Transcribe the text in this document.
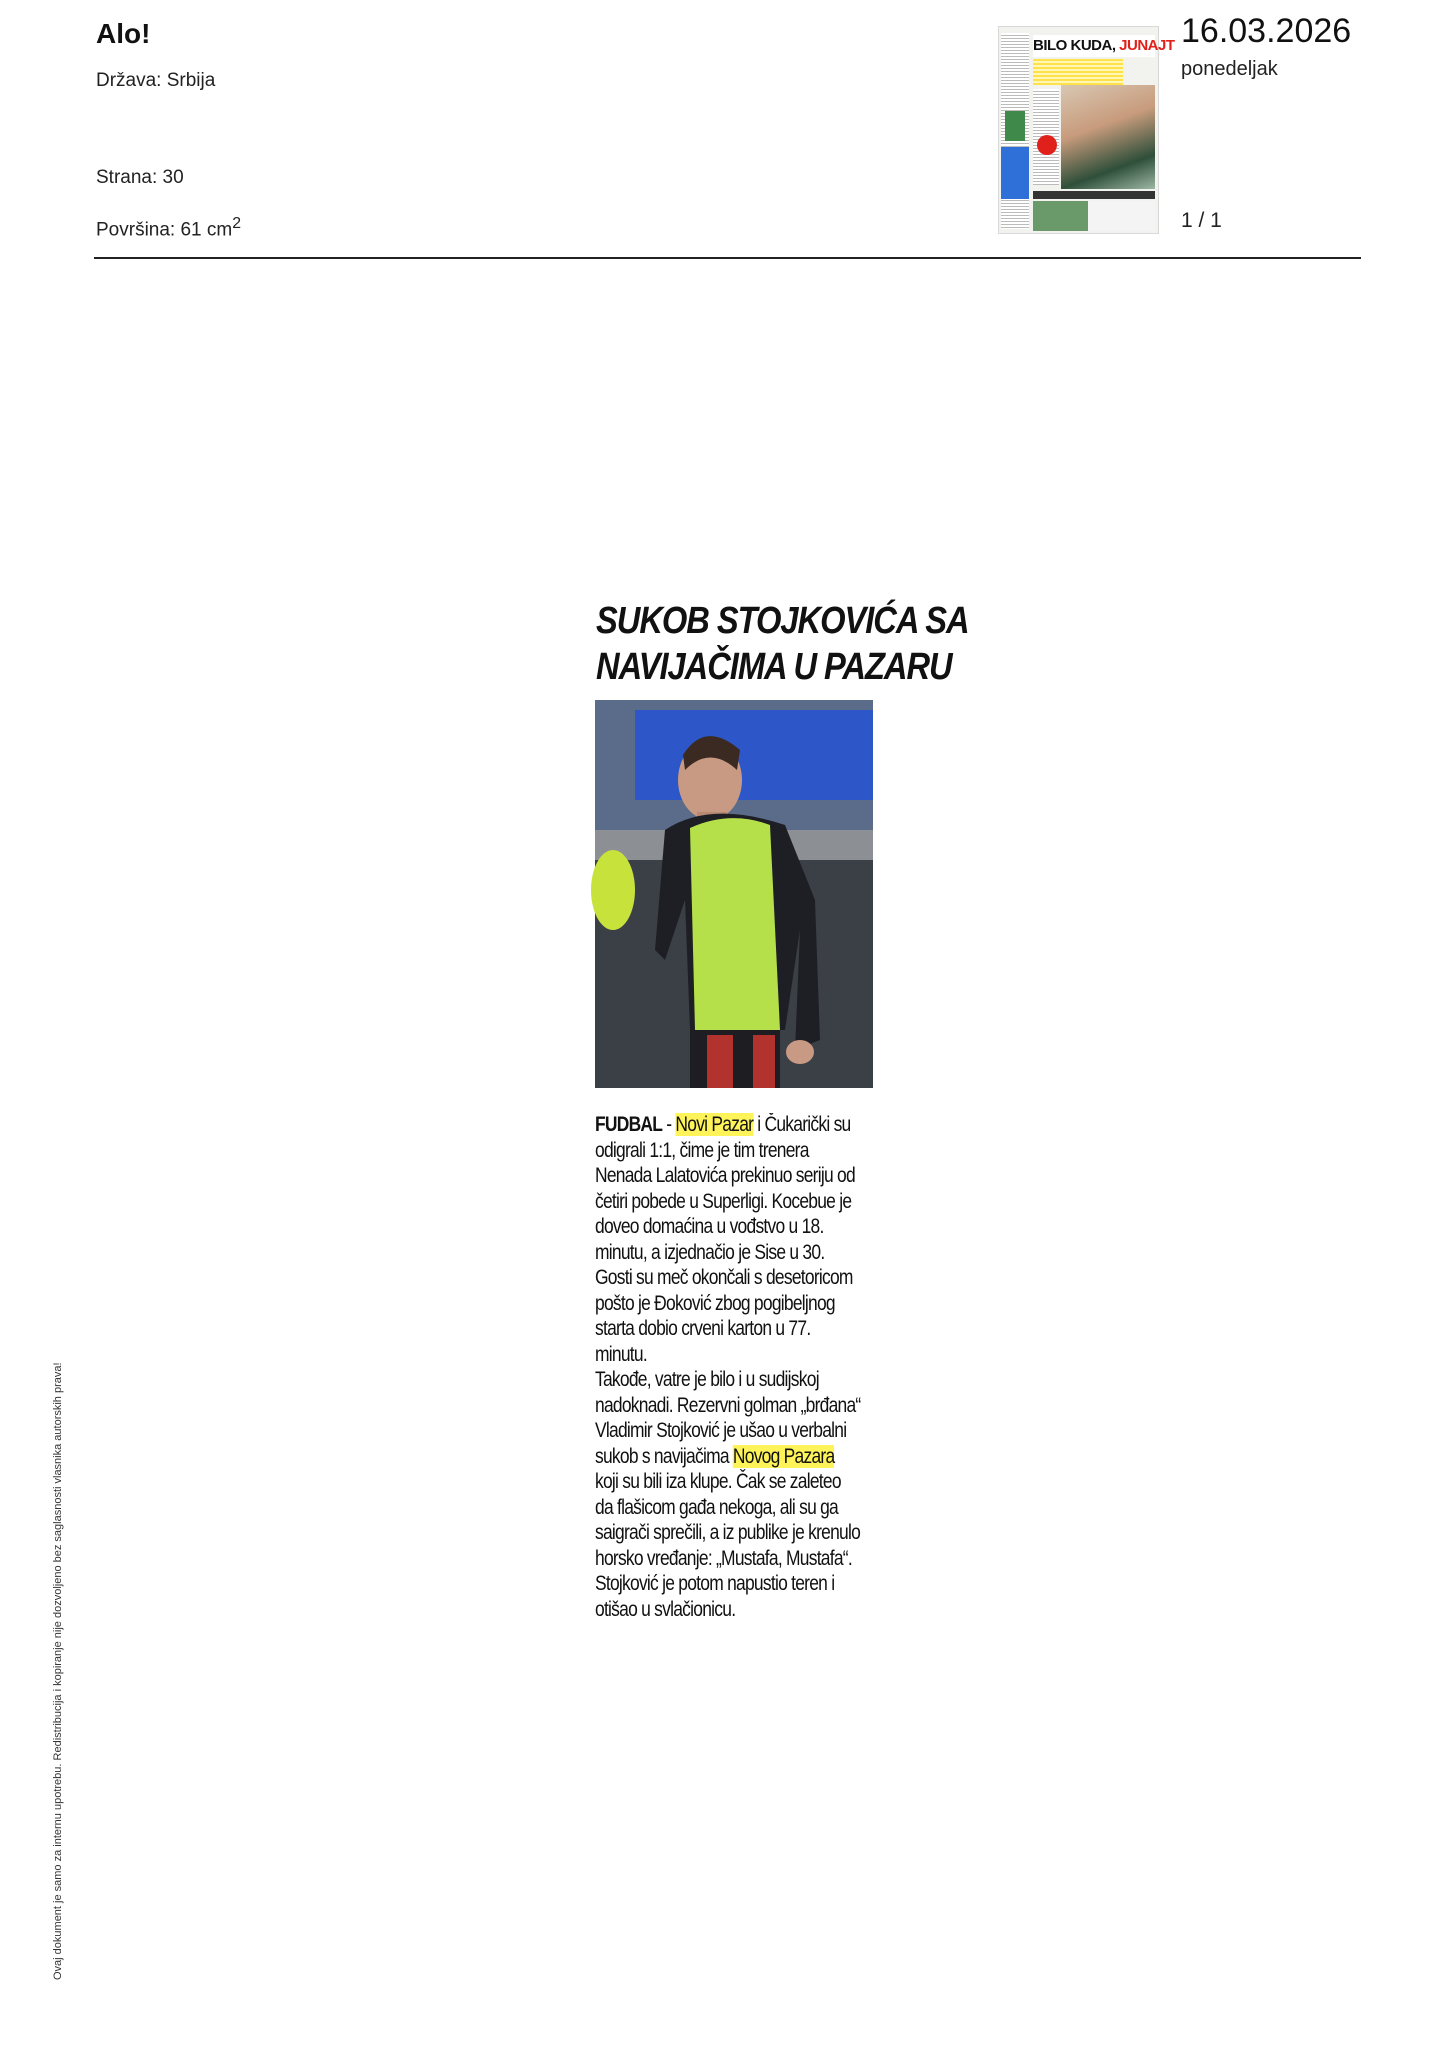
Alo!
Država: Srbija
Strana: 30
Površina: 61 $cm^2$
BILO KUDA, JUNAJT 16.03.2026
ponedeljak
1 / 1
SUKOB STOJKOVIĆA SA
NAVIJAČIMA U PAZARU

FUDBAL - Novi Pazar i Čukarički su odigrali 1:1, čime je tim trenera Nenada Lalatovića prekinuo seriju od četiri pobede u Superligi. Kocebue je doveo domaćina u vođstvo u 18. minutu, a izjednačio je Sise u 30.

Gosti su meč okončali s desetoricom pošto je Đoković zbog pogibeljnog starta dobio crveni karton u 77. minutu.

Takođe, vatre je bilo i u sudijskoj nadoknadi. Rezervni golman „brđana“ Vladimir Stojković je ušao u verbalni sukob s navijačima Novog Pazara koji su bili iza klupe. Čak se zaleteo da flašicom gađa nekoga, ali su ga saigrači sprečili, a iz publike je krenulo horsko vređanje: „Mustafa, Mustafa“. Stojković je potom napustio teren i otišao u svlačionicu.

Ovaj dokument je samo za internu upotrebu. Redistribucija i kopiranje nije dozvoljeno bez saglasnosti vlasnika autorskih prava!
